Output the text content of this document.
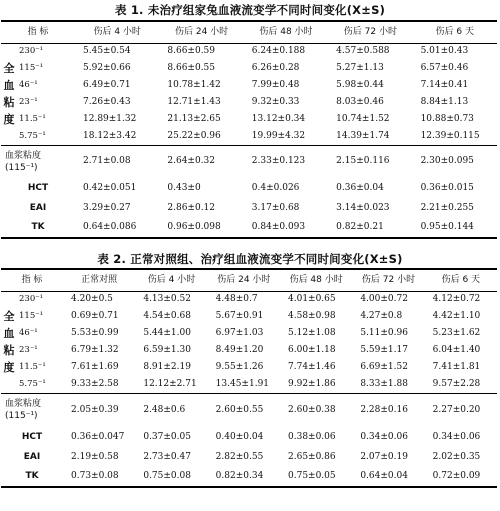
表 1. 未治疗组家兔血液流变学不同时间变化(X±S)
指 标		伤后 4 小时	伤后 24 小时	伤后 48 小时	伤后 72 小时	伤后 6 天
全血粘度	230⁻¹	5.45±0.54	8.66±0.59	6.24±0.188	4.57±0.588	5.01±0.43
	115⁻¹	5.92±0.66	8.66±0.55	6.26±0.28	5.27±1.13	6.57±0.46
	46⁻¹	6.49±0.71	10.78±1.42	7.99±0.48	5.98±0.44	7.14±0.41
	23⁻¹	7.26±0.43	12.71±1.43	9.32±0.33	8.03±0.46	8.84±1.13
	11.5⁻¹	12.89±1.32	21.13±2.65	13.12±0.34	10.74±1.52	10.88±0.73
	5.75⁻¹	18.12±3.42	25.22±0.96	19.99±4.32	14.39±1.74	12.39±0.115
血浆粘度 (115⁻¹)		2.71±0.08	2.64±0.32	2.33±0.123	2.15±0.116	2.30±0.095
HCT		0.42±0.051	0.43±0	0.4±0.026	0.36±0.04	0.36±0.015
EAI		3.29±0.27	2.86±0.12	3.17±0.68	3.14±0.023	2.21±0.255
TK		0.64±0.086	0.96±0.098	0.84±0.093	0.82±0.21	0.95±0.144
表 2. 正常对照组、治疗组血液流变学不同时间变化(X±S)
指 标		正常对照	伤后 4 小时	伤后 24 小时	伤后 48 小时	伤后 72 小时	伤后 6 天
全血粘度	230⁻¹	4.20±0.5	4.13±0.52	4.48±0.7	4.01±0.65	4.00±0.72	4.12±0.72
	115⁻¹	0.69±0.71	4.54±0.68	5.67±0.91	4.58±0.98	4.27±0.8	4.42±1.10
	46⁻¹	5.53±0.99	5.44±1.00	6.97±1.03	5.12±1.08	5.11±0.96	5.23±1.62
	23⁻¹	6.79±1.32	6.59±1.30	8.49±1.20	6.00±1.18	5.59±1.17	6.04±1.40
	11.5⁻¹	7.61±1.69	8.91±2.19	9.55±1.26	7.74±1.46	6.69±1.52	7.41±1.81
	5.75⁻¹	9.33±2.58	12.12±2.71	13.45±1.91	9.92±1.86	8.33±1.88	9.57±2.28
血浆粘度 (115⁻¹)		2.05±0.39	2.48±0.6	2.60±0.55	2.60±0.38	2.28±0.16	2.27±0.20
HCT		0.36±0.047	0.37±0.05	0.40±0.04	0.38±0.06	0.34±0.06	0.34±0.06
EAI		2.19±0.58	2.73±0.47	2.82±0.55	2.65±0.86	2.07±0.19	2.02±0.35
TK		0.73±0.08	0.75±0.08	0.82±0.34	0.75±0.05	0.64±0.04	0.72±0.09
